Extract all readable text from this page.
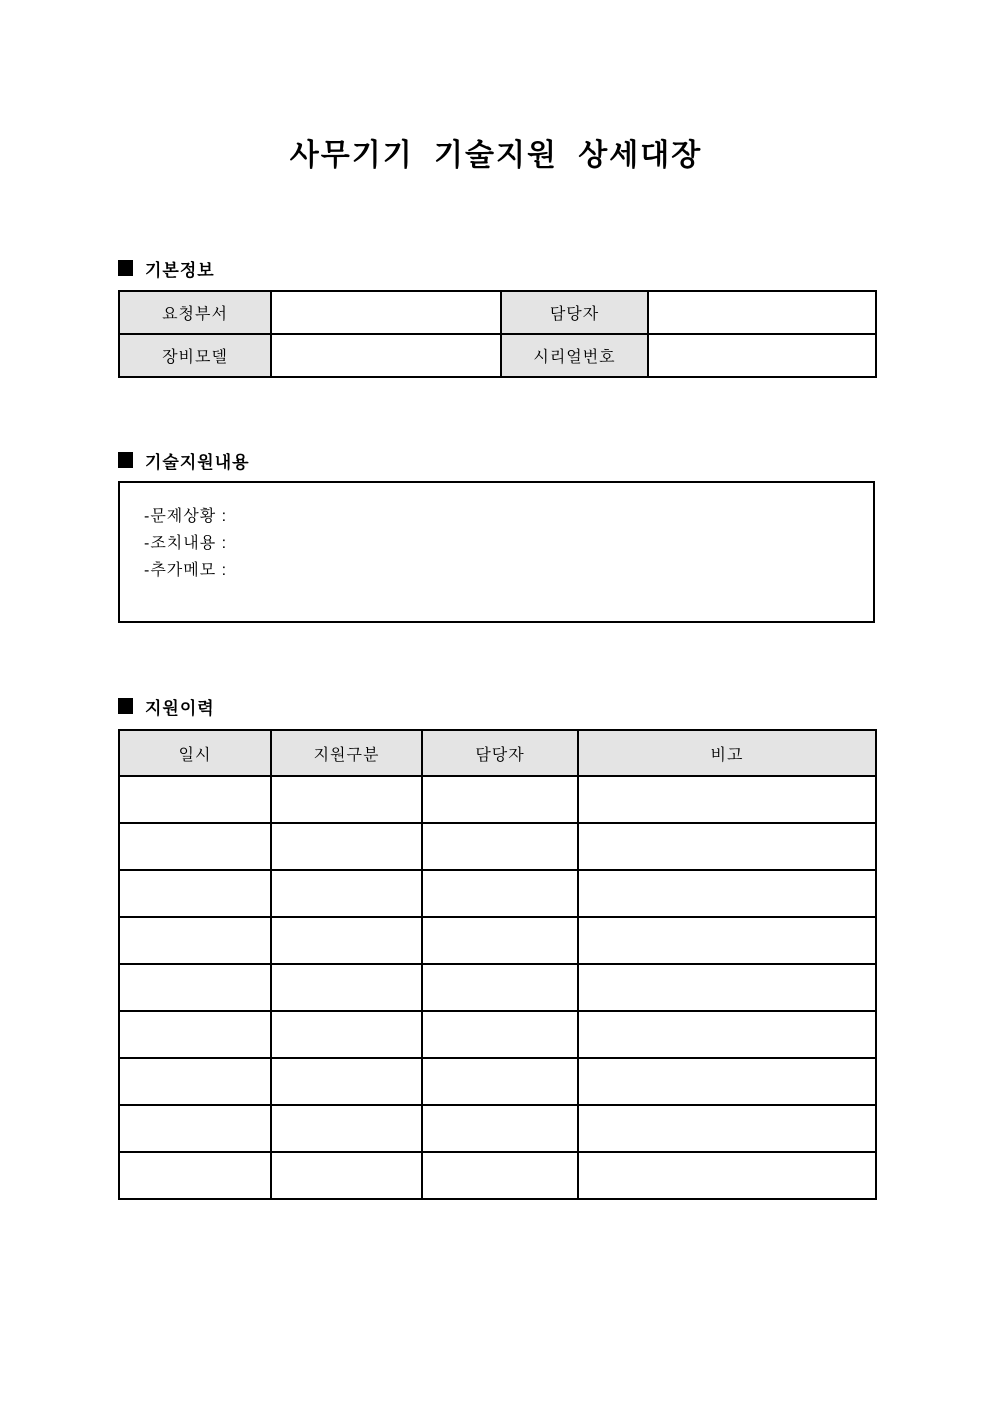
사무기기 기술지원 상세대장
기본정보
요청부서		담당자	
장비모델		시리얼번호	
기술지원내용
-문제상황 :
-조치내용 :
-추가메모 :
지원이력
일시	지원구분	담당자	비고
